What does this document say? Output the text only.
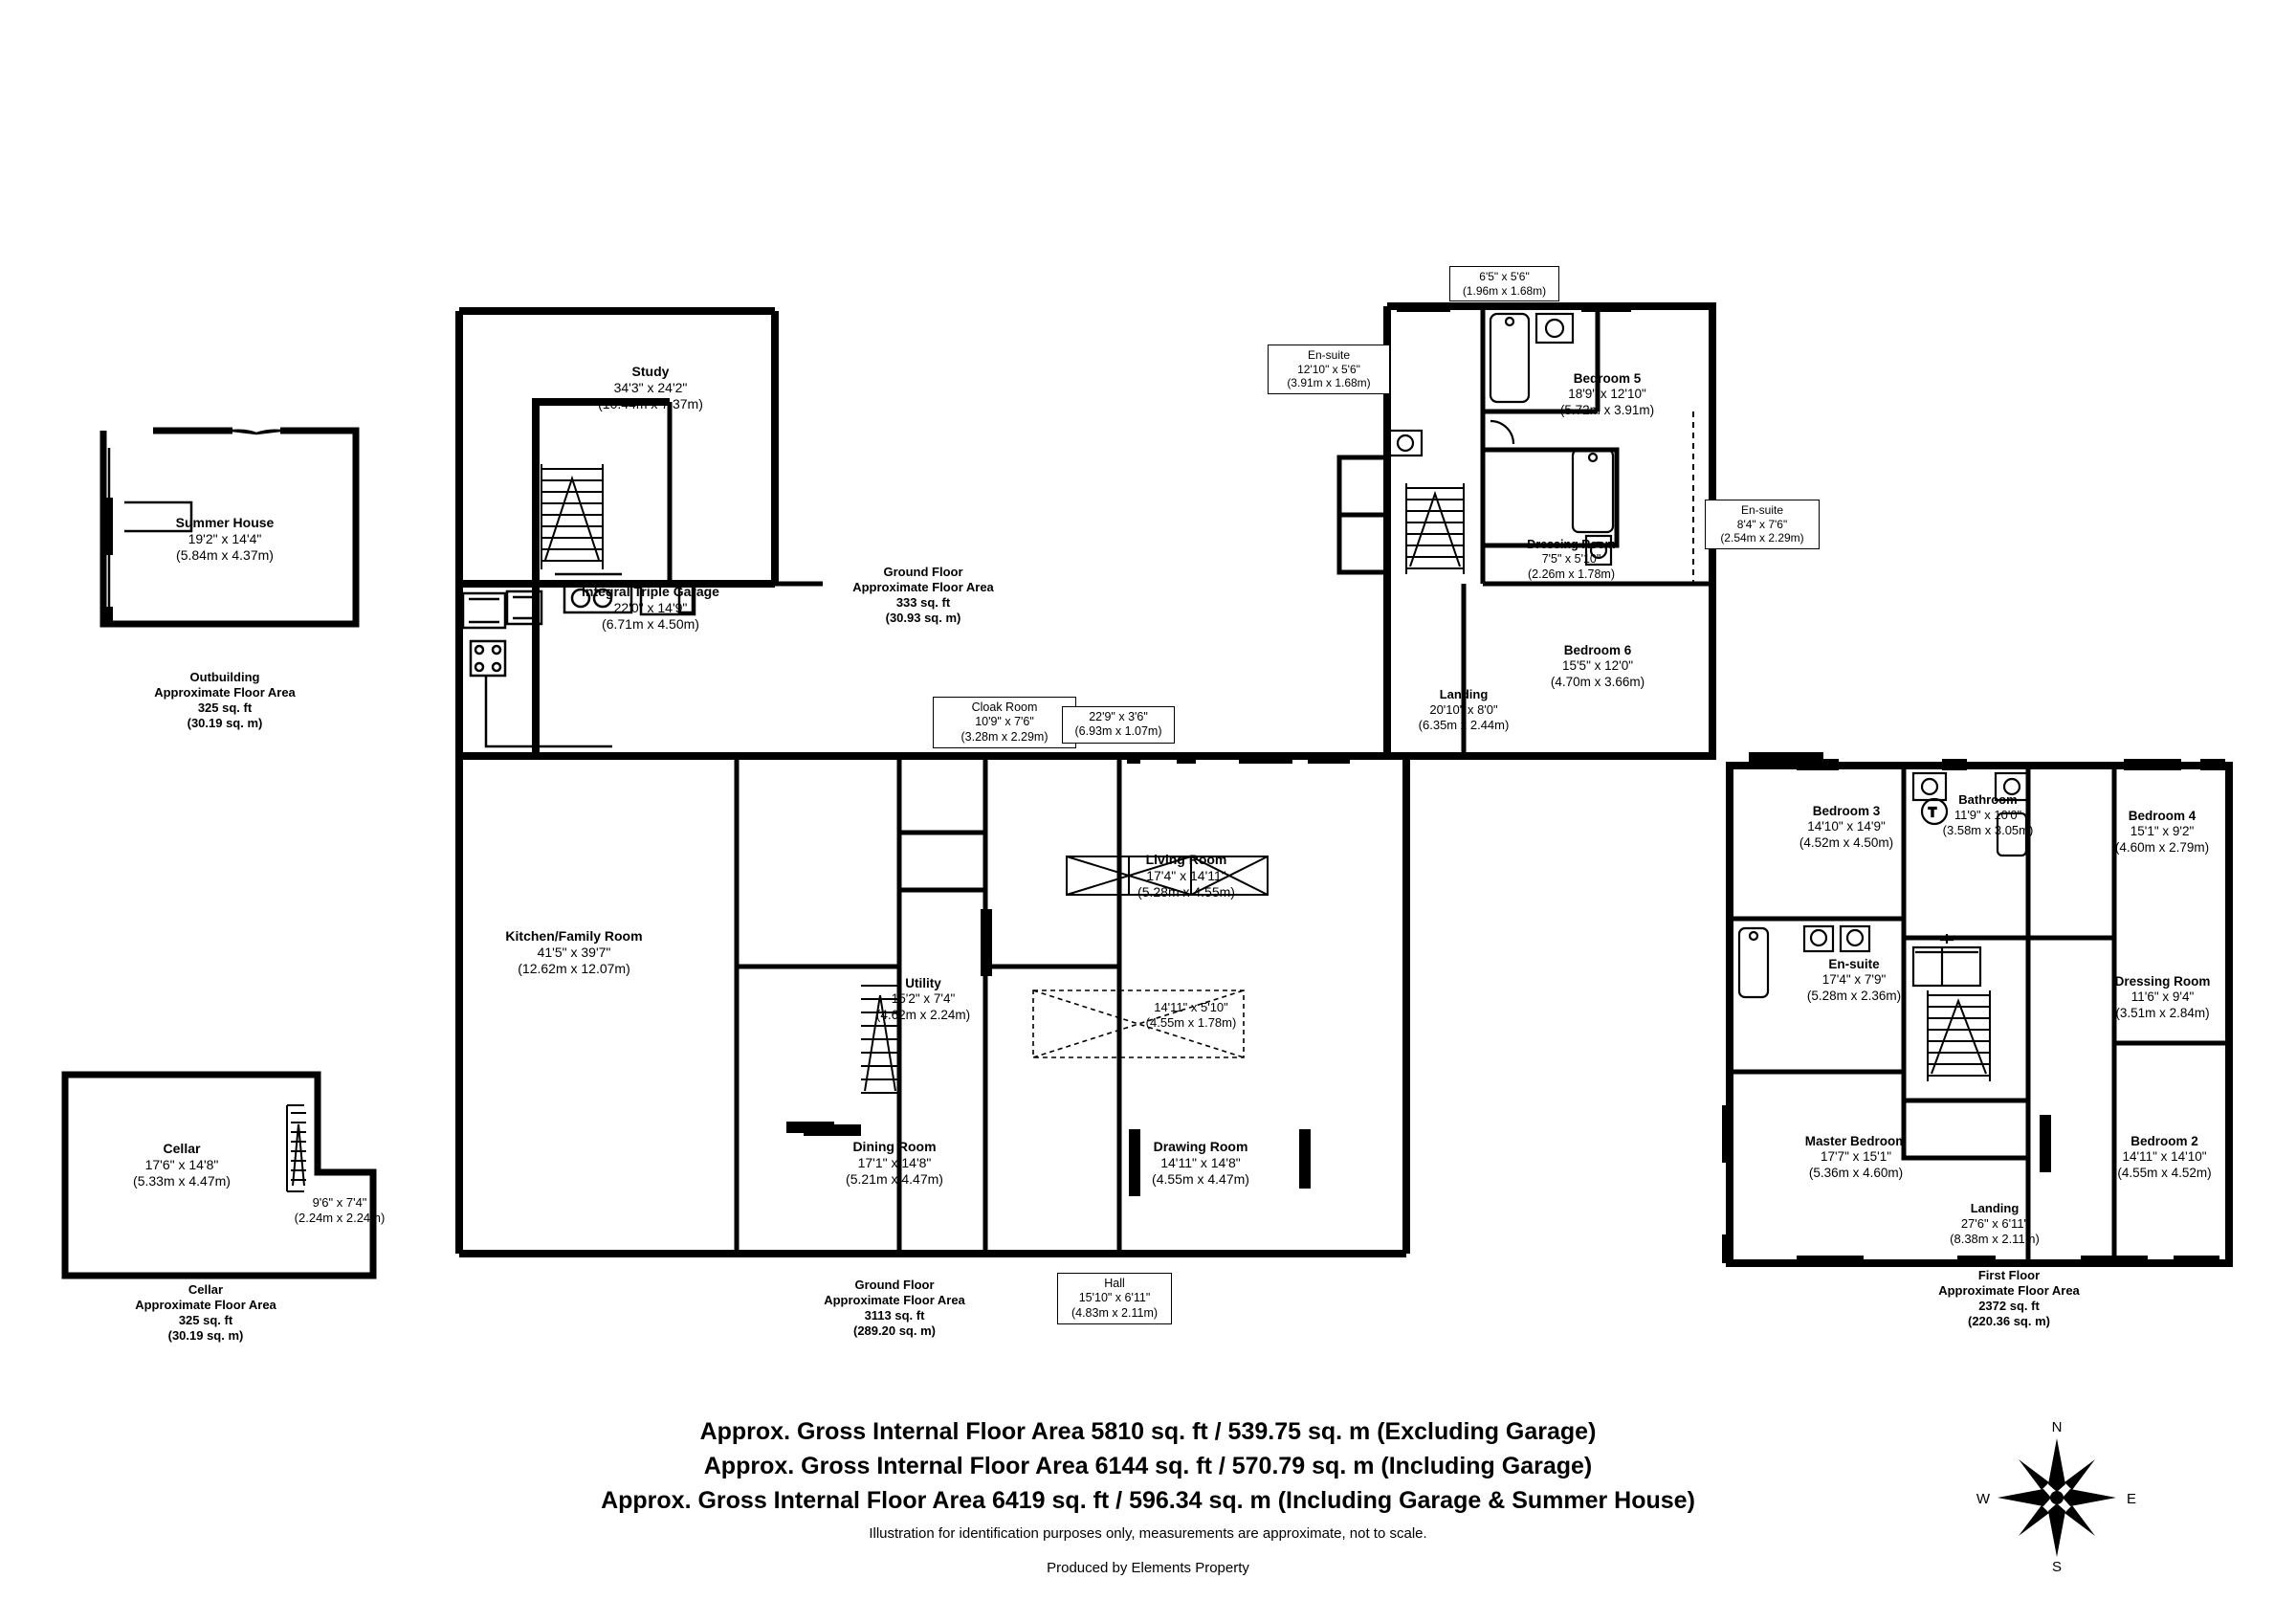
Summer House
19'2" x 14'4"
(5.84m x 4.37m)
Outbuilding
Approximate Floor Area
325 sq. ft
(30.19 sq. m)
Cellar
17'6" x 14'8"
(5.33m x 4.47m)
9'6" x 7'4"
(2.24m x 2.24m)
Cellar
Approximate Floor Area
325 sq. ft
(30.19 sq. m)
Study
34'3" x 24'2"
(10.44m x 7.37m)
Integral Triple Garage
22'0" x 14'9"
(6.71m x 4.50m)
Ground Floor
Approximate Floor Area
333 sq. ft
(30.93 sq. m)
Cloak Room
10'9" x 7'6"
(3.28m x 2.29m)
22'9" x 3'6"
(6.93m x 1.07m)
Kitchen/Family Room
41'5" x 39'7"
(12.62m x 12.07m)
Utility
15'2" x 7'4"
(4.62m x 2.24m)
Living Room
17'4" x 14'11"
(5.28m x 4.55m)
14'11" x 5'10"
(4.55m x 1.78m)
Dining Room
17'1" x 14'8"
(5.21m x 4.47m)
Drawing Room
14'11" x 14'8"
(4.55m x 4.47m)
Hall
15'10" x 6'11"
(4.83m x 2.11m)
Ground Floor
Approximate Floor Area
3113 sq. ft
(289.20 sq. m)
6'5" x 5'6"
(1.96m x 1.68m)
En-suite
12'10" x 5'6"
(3.91m x 1.68m)	Bedroom 5
18'9" x 12'10"
(5.72m x 3.91m)
En-suite
8'4" x 7'6"
(2.54m x 2.29m)
Dressing Room
7'5" x 5'10"
(2.26m x 1.78m)
Bedroom 6
15'5" x 12'0"
(4.70m x 3.66m)
Landing
20'10" x 8'0"
(6.35m x 2.44m)
T
Bedroom 3
14'10" x 14'9"
(4.52m x 4.50m)
Bathroom
11'9" x 10'0"
(3.58m x 3.05m)
Bedroom 4
15'1" x 9'2"
(4.60m x 2.79m)
Dressing Room
11'6" x 9'4"
(3.51m x 2.84m)
En-suite
17'4" x 7'9"
(5.28m x 2.36m)
Master Bedroom
17'7" x 15'1"
(5.36m x 4.60m)
Bedroom 2
14'11" x 14'10"
(4.55m x 4.52m)
Landing
27'6" x 6'11"
(8.38m x 2.11m)
First Floor
Approximate Floor Area
2372 sq. ft
(220.36 sq. m)
Approx. Gross Internal Floor Area 5810 sq. ft / 539.75 sq. m (Excluding Garage)
Approx. Gross Internal Floor Area 6144 sq. ft / 570.79 sq. m (Including Garage)
Approx. Gross Internal Floor Area 6419 sq. ft / 596.34 sq. m (Including Garage & Summer House)
Illustration for identification purposes only, measurements are approximate, not to scale.
Produced by Elements Property
N
S
E
W
